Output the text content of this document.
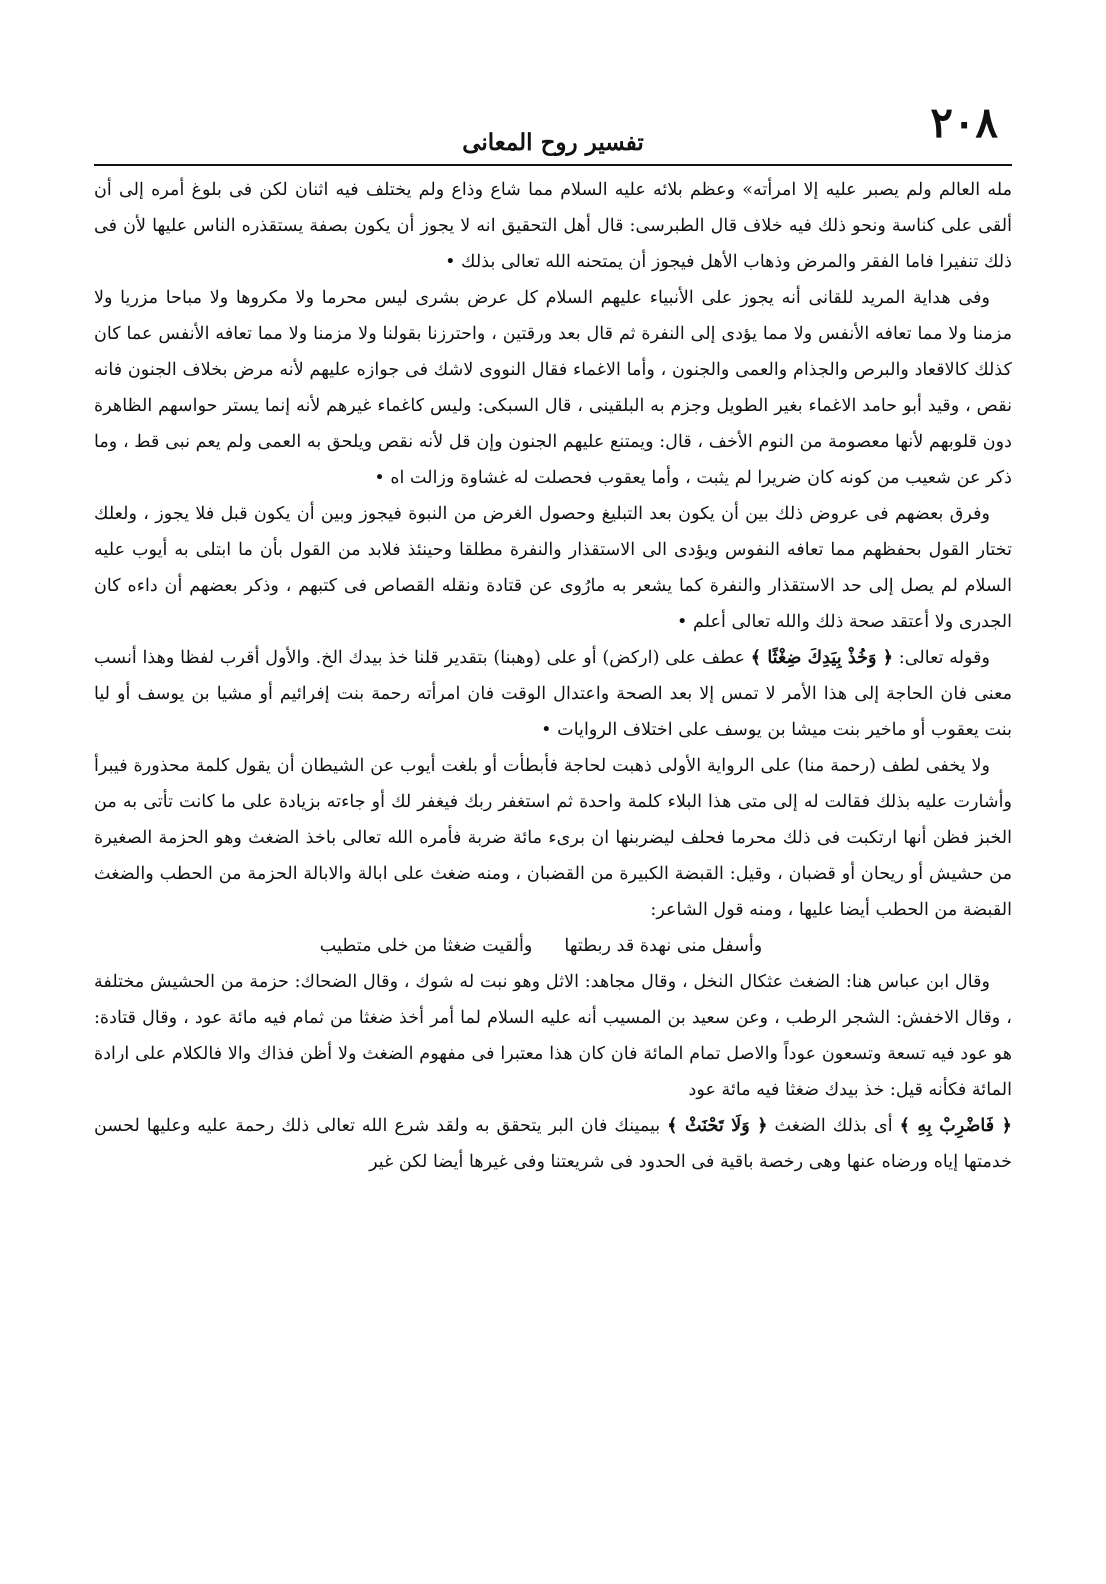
٢٠٨
تفسير روح المعانى

مله العالم ولم يصبر عليه إلا امرأته» وعظم بلائه عليه السلام مما شاع وذاع ولم يختلف فيه اثنان لكن فى بلوغ أمره إلى أن ألقى على كناسة ونحو ذلك فيه خلاف قال الطبرسى: قال أهل التحقيق انه لا يجوز أن يكون بصفة يستقذره الناس عليها لأن فى ذلك تنفيرا فاما الفقر والمرض وذهاب الأهل فيجوز أن يمتحنه الله تعالى بذلك •

وفى هداية المريد للقانى أنه يجوز على الأنبياء عليهم السلام كل عرض بشرى ليس محرما ولا مكروها ولا مباحا مزريا ولا مزمنا ولا مما تعافه الأنفس ولا مما يؤدى إلى النفرة ثم قال بعد ورقتين ، واحترزنا بقولنا ولا مزمنا ولا مما تعافه الأنفس عما كان كذلك كالاقعاد والبرص والجذام والعمى والجنون ، وأما الاغماء فقال النووى لاشك فى جوازه عليهم لأنه مرض بخلاف الجنون فانه نقص ، وقيد أبو حامد الاغماء بغير الطويل وجزم به البلقينى ، قال السبكى: وليس كاغماء غيرهم لأنه إنما يستر حواسهم الظاهرة دون قلوبهم لأنها معصومة من النوم الأخف ، قال: ويمتنع عليهم الجنون وإن قل لأنه نقص ويلحق به العمى ولم يعم نبى قط ، وما ذكر عن شعيب من كونه كان ضريرا لم يثبت ، وأما يعقوب فحصلت له غشاوة وزالت اه •

وفرق بعضهم فى عروض ذلك بين أن يكون بعد التبليغ وحصول الغرض من النبوة فيجوز وبين أن يكون قبل فلا يجوز ، ولعلك تختار القول بحفظهم مما تعافه النفوس ويؤدى الى الاستقذار والنفرة مطلقا وحينئذ فلابد من القول بأن ما ابتلى به أيوب عليه السلام لم يصل إلى حد الاستقذار والنفرة كما يشعر به مارُوى عن قتادة ونقله القصاص فى كتبهم ، وذكر بعضهم أن داءه كان الجدرى ولا أعتقد صحة ذلك والله تعالى أعلم •

وقوله تعالى: ﴿ وَخُذْ بِيَدِكَ ضِغْثًا ﴾ عطف على (اركض) أو على (وهبنا) بتقدير قلنا خذ بيدك الخ. والأول أقرب لفظا وهذا أنسب معنى فان الحاجة إلى هذا الأمر لا تمس إلا بعد الصحة واعتدال الوقت فان امرأته رحمة بنت إفرائيم أو مشيا بن يوسف أو ليا بنت يعقوب أو ماخير بنت ميشا بن يوسف على اختلاف الروايات •

ولا يخفى لطف (رحمة منا) على الرواية الأولى ذهبت لحاجة فأبطأت أو بلغت أيوب عن الشيطان أن يقول كلمة محذورة فيبرأ وأشارت عليه بذلك فقالت له إلى متى هذا البلاء كلمة واحدة ثم استغفر ربك فيغفر لك أو جاءته بزيادة على ما كانت تأتى به من الخبز فظن أنها ارتكبت فى ذلك محرما فحلف ليضربنها ان برىء مائة ضربة فأمره الله تعالى باخذ الضغث وهو الحزمة الصغيرة من حشيش أو ريحان أو قضبان ، وقيل: القبضة الكبيرة من القضبان ، ومنه ضغث على ابالة والابالة الحزمة من الحطب والضغث القبضة من الحطب أيضا عليها ، ومنه قول الشاعر:

وأسفل منى نهدة قد ربطتهاوألقيت ضغثا من خلى متطيب

وقال ابن عباس هنا: الضغث عثكال النخل ، وقال مجاهد: الاثل وهو نبت له شوك ، وقال الضحاك: حزمة من الحشيش مختلفة ، وقال الاخفش: الشجر الرطب ، وعن سعيد بن المسيب أنه عليه السلام لما أمر أخذ ضغثا من ثمام فيه مائة عود ، وقال قتادة: هو عود فيه تسعة وتسعون عوداً والاصل تمام المائة فان كان هذا معتبرا فى مفهوم الضغث ولا أظن فذاك والا فالكلام على ارادة المائة فكأنه قيل: خذ بيدك ضغثا فيه مائة عود

﴿ فَاضْرِبْ بِهِ ﴾ أى بذلك الضغث ﴿ وَلَا تَحْنَثْ ﴾ بيمينك فان البر يتحقق به ولقد شرع الله تعالى ذلك رحمة عليه وعليها لحسن خدمتها إياه ورضاه عنها وهى رخصة باقية فى الحدود فى شريعتنا وفى غيرها أيضا لكن غير
